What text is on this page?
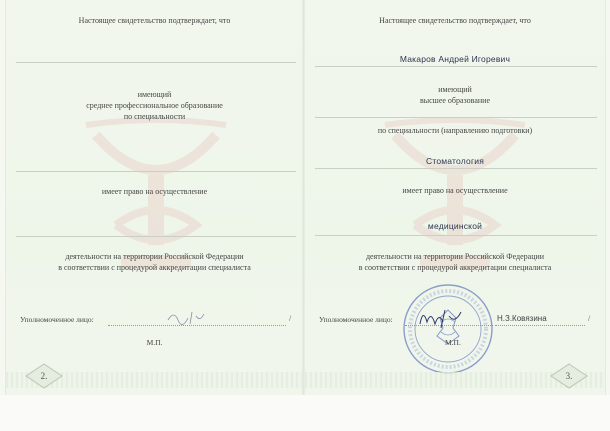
Настоящее свидетельство подтверждает, что
имеющий
среднее профессиональное образование
по специальности
имеет право на осуществление
деятельности на территории Российской Федерации
в соответствии с процедурой аккредитации специалиста
Уполномоченное лицо:	/
М.П.
2.
Настоящее свидетельство подтверждает, что
Макаров Андрей Игоревич
имеющий
высшее образование
по специальности (направлению подготовки)
Стоматология
имеет право на осуществление
медицинской
деятельности на территории Российской Федерации
в соответствии с процедурой аккредитации специалиста
Уполномоченное лицо:	Н.З.Ковязина	/
М.П.
3.
